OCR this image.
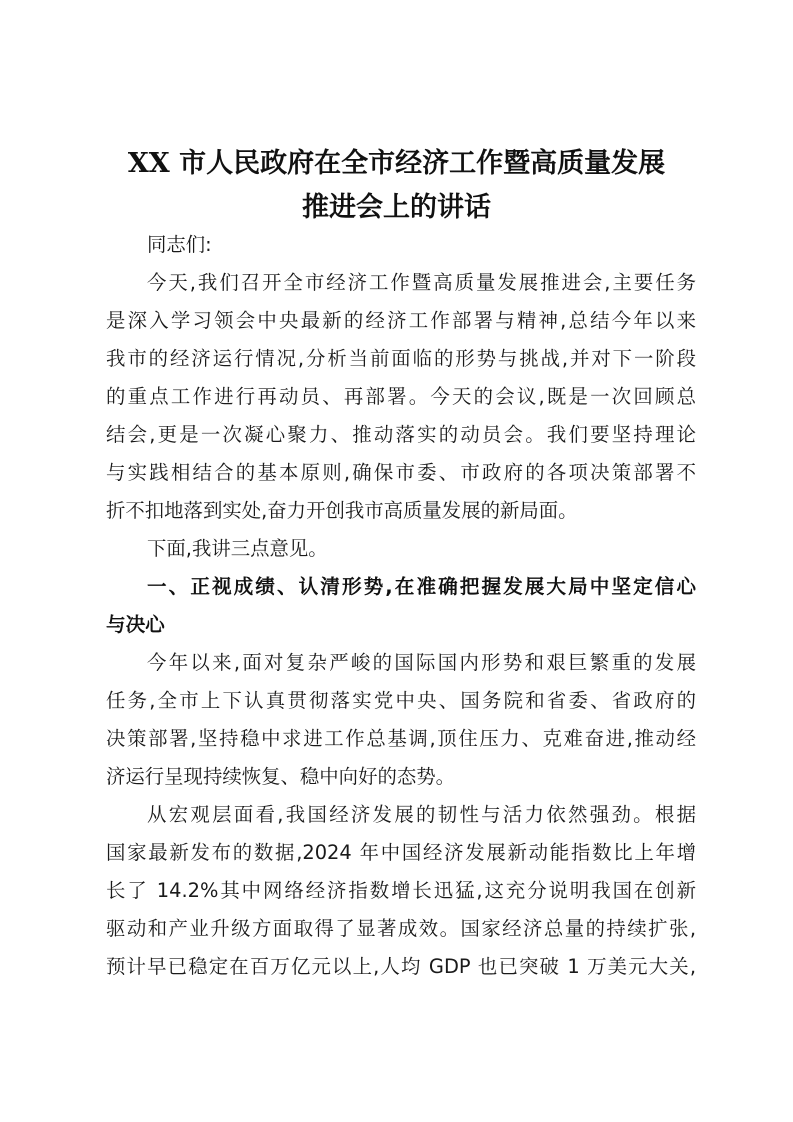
XX 市人民政府在全市经济工作暨高质量发展
推进会上的讲话
同志们:
今天,我们召开全市经济工作暨高质量发展推进会,主要任务
是深入学习领会中央最新的经济工作部署与精神,总结今年以来
我市的经济运行情况,分析当前面临的形势与挑战,并对下一阶段
的重点工作进行再动员、再部署。今天的会议,既是一次回顾总
结会,更是一次凝心聚力、推动落实的动员会。我们要坚持理论
与实践相结合的基本原则,确保市委、市政府的各项决策部署不
折不扣地落到实处,奋力开创我市高质量发展的新局面。
下面,我讲三点意见。
一、正视成绩、认清形势,在准确把握发展大局中坚定信心
与决心
今年以来,面对复杂严峻的国际国内形势和艰巨繁重的发展
任务,全市上下认真贯彻落实党中央、国务院和省委、省政府的
决策部署,坚持稳中求进工作总基调,顶住压力、克难奋进,推动经
济运行呈现持续恢复、稳中向好的态势。
从宏观层面看,我国经济发展的韧性与活力依然强劲。根据
国家最新发布的数据,2024 年中国经济发展新动能指数比上年增
长了 14.2%其中网络经济指数增长迅猛,这充分说明我国在创新
驱动和产业升级方面取得了显著成效。国家经济总量的持续扩张,
预计早已稳定在百万亿元以上,人均 GDP 也已突破 1 万美元大关,
